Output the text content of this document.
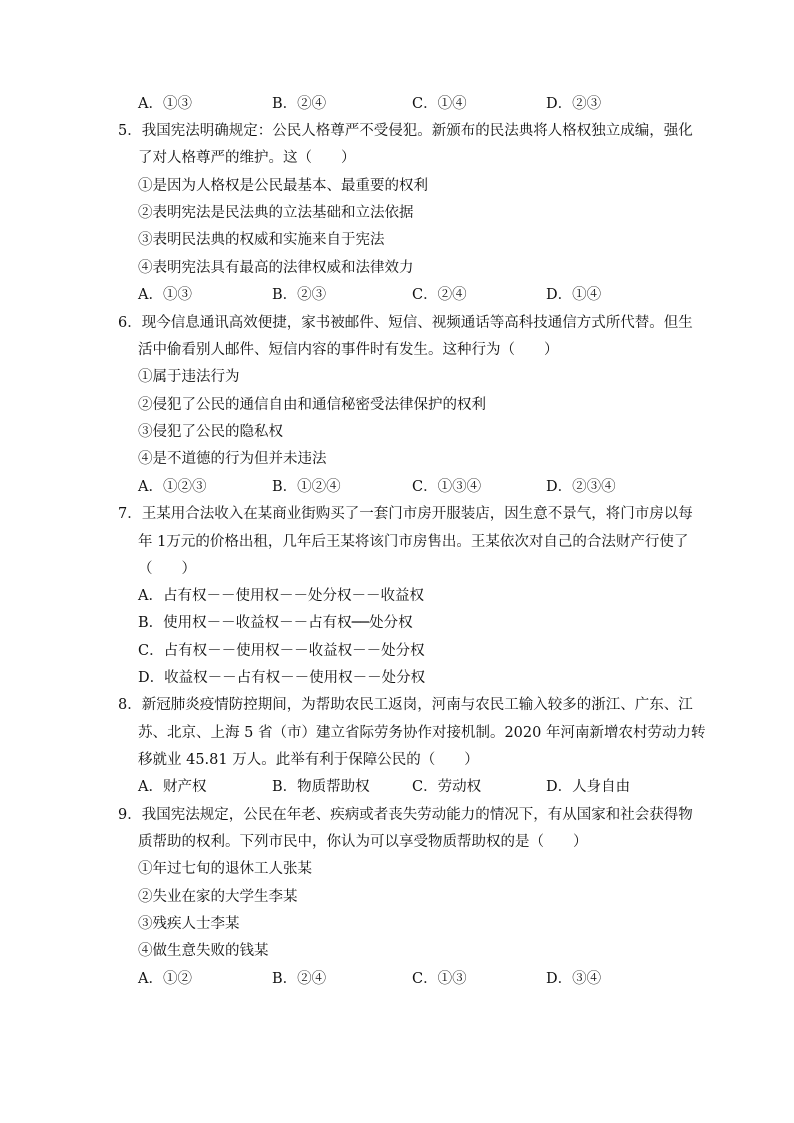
A．①③	B．②④	C．①④	D．②③
5．我国宪法明确规定：公民人格尊严不受侵犯。新颁布的民法典将人格权独立成编，强化
了对人格尊严的维护。这（　　）
①是因为人格权是公民最基本、最重要的权利
②表明宪法是民法典的立法基础和立法依据
③表明民法典的权威和实施来自于宪法
④表明宪法具有最高的法律权威和法律效力
A．①③	B．②③	C．②④	D．①④
6．现今信息通讯高效便捷，家书被邮件、短信、视频通话等高科技通信方式所代替。但生
活中偷看别人邮件、短信内容的事件时有发生。这种行为（　　）
①属于违法行为
②侵犯了公民的通信自由和通信秘密受法律保护的权利
③侵犯了公民的隐私权
④是不道德的行为但并未违法
A．①②③	B．①②④	C．①③④	D．②③④
7．王某用合法收入在某商业街购买了一套门市房开服装店，因生意不景气，将门市房以每
年 1万元的价格出租，几年后王某将该门市房售出。王某依次对自己的合法财产行使了
（　　）
A．占有权－－使用权－－处分权－－收益权
B．使用权－－收益权－－占有权──处分权
C．占有权－－使用权－－收益权－－处分权
D．收益权－－占有权－－使用权－－处分权
8．新冠肺炎疫情防控期间，为帮助农民工返岗，河南与农民工输入较多的浙江、广东、江
苏、北京、上海 5 省（市）建立省际劳务协作对接机制。2020 年河南新增农村劳动力转
移就业 45.81 万人。此举有利于保障公民的（　　）
A．财产权	B．物质帮助权	C．劳动权	D．人身自由
9．我国宪法规定，公民在年老、疾病或者丧失劳动能力的情况下，有从国家和社会获得物
质帮助的权利。下列市民中，你认为可以享受物质帮助权的是（　　）
①年过七旬的退休工人张某
②失业在家的大学生李某
③残疾人士李某
④做生意失败的钱某
A．①②	B．②④	C．①③	D．③④
